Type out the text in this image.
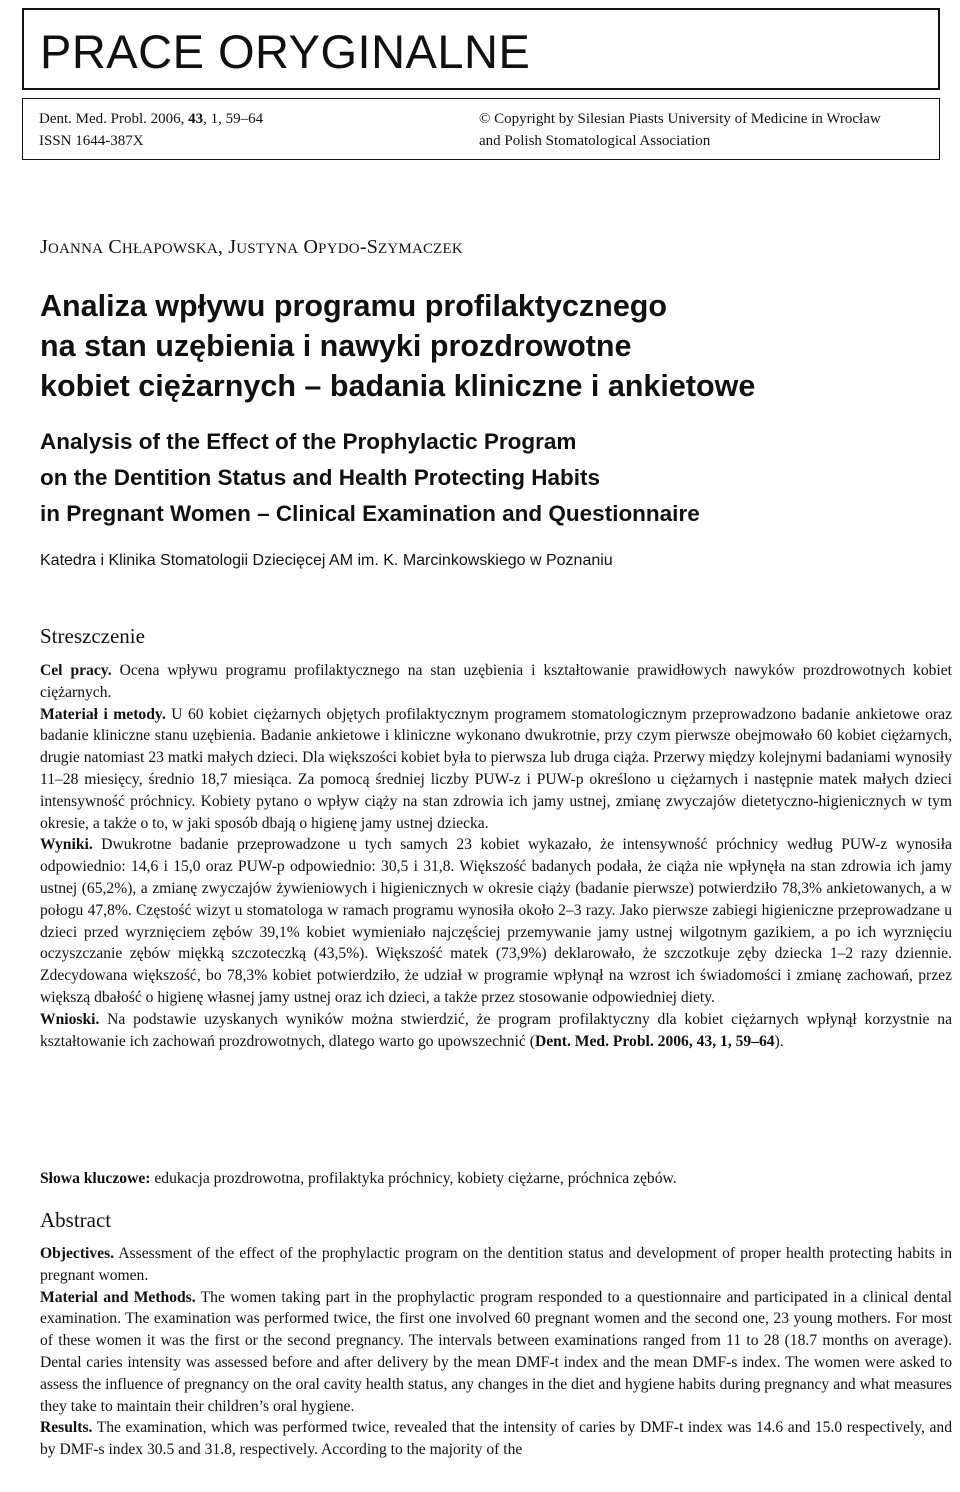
PRACE ORYGINALNE
Dent. Med. Probl. 2006, 43, 1, 59–64
ISSN 1644-387X
© Copyright by Silesian Piasts University of Medicine in Wrocław
and Polish Stomatological Association
JOANNA CHŁAPOWSKA, JUSTYNA OPYDO-SZYMACZEK
Analiza wpływu programu profilaktycznego
na stan uzębienia i nawyki prozdrowotne
kobiet ciężarnych – badania kliniczne i ankietowe
Analysis of the Effect of the Prophylactic Program
on the Dentition Status and Health Protecting Habits
in Pregnant Women – Clinical Examination and Questionnaire
Katedra i Klinika Stomatologii Dziecięcej AM im. K. Marcinkowskiego w Poznaniu
Streszczenie

Cel pracy. Ocena wpływu programu profilaktycznego na stan uzębienia i kształtowanie prawidłowych nawyków prozdrowotnych kobiet ciężarnych.

Materiał i metody. U 60 kobiet ciężarnych objętych profilaktycznym programem stomatologicznym przeprowadzono badanie ankietowe oraz badanie kliniczne stanu uzębienia. Badanie ankietowe i kliniczne wykonano dwukrotnie, przy czym pierwsze obejmowało 60 kobiet ciężarnych, drugie natomiast 23 matki małych dzieci. Dla większości kobiet była to pierwsza lub druga ciąża. Przerwy między kolejnymi badaniami wynosiły 11–28 miesięcy, średnio 18,7 miesiąca. Za pomocą średniej liczby PUW-z i PUW-p określono u ciężarnych i następnie matek małych dzieci intensywność próchnicy. Kobiety pytano o wpływ ciąży na stan zdrowia ich jamy ustnej, zmianę zwyczajów dietetyczno-higienicznych w tym okresie, a także o to, w jaki sposób dbają o higienę jamy ustnej dziecka.

Wyniki. Dwukrotne badanie przeprowadzone u tych samych 23 kobiet wykazało, że intensywność próchnicy według PUW-z wynosiła odpowiednio: 14,6 i 15,0 oraz PUW-p odpowiednio: 30,5 i 31,8. Większość badanych podała, że ciąża nie wpłynęła na stan zdrowia ich jamy ustnej (65,2%), a zmianę zwyczajów żywieniowych i higienicznych w okresie ciąży (badanie pierwsze) potwierdziło 78,3% ankietowanych, a w połogu 47,8%. Częstość wizyt u stomatologa w ramach programu wynosiła około 2–3 razy. Jako pierwsze zabiegi higieniczne przeprowadzane u dzieci przed wyrznięciem zębów 39,1% kobiet wymieniało najczęściej przemywanie jamy ustnej wilgotnym gazikiem, a po ich wyrznięciu oczyszczanie zębów miękką szczoteczką (43,5%). Większość matek (73,9%) deklarowało, że szczotkuje zęby dziecka 1–2 razy dziennie. Zdecydowana większość, bo 78,3% kobiet potwierdziło, że udział w programie wpłynął na wzrost ich świadomości i zmianę zachowań, przez większą dbałość o higienę własnej jamy ustnej oraz ich dzieci, a także przez stosowanie odpowiedniej diety.

Wnioski. Na podstawie uzyskanych wyników można stwierdzić, że program profilaktyczny dla kobiet ciężarnych wpłynął korzystnie na kształtowanie ich zachowań prozdrowotnych, dlatego warto go upowszechnić (Dent. Med. Probl. 2006, 43, 1, 59–64).

Słowa kluczowe: edukacja prozdrowotna, profilaktyka próchnicy, kobiety ciężarne, próchnica zębów.

Abstract

Objectives. Assessment of the effect of the prophylactic program on the dentition status and development of proper health protecting habits in pregnant women.

Material and Methods. The women taking part in the prophylactic program responded to a questionnaire and participated in a clinical dental examination. The examination was performed twice, the first one involved 60 pregnant women and the second one, 23 young mothers. For most of these women it was the first or the second pregnancy. The intervals between examinations ranged from 11 to 28 (18.7 months on average). Dental caries intensity was assessed before and after delivery by the mean DMF-t index and the mean DMF-s index. The women were asked to assess the influence of pregnancy on the oral cavity health status, any changes in the diet and hygiene habits during pregnancy and what measures they take to maintain their children’s oral hygiene.

Results. The examination, which was performed twice, revealed that the intensity of caries by DMF-t index was 14.6 and 15.0 respectively, and by DMF-s index 30.5 and 31.8, respectively. According to the majority of the
